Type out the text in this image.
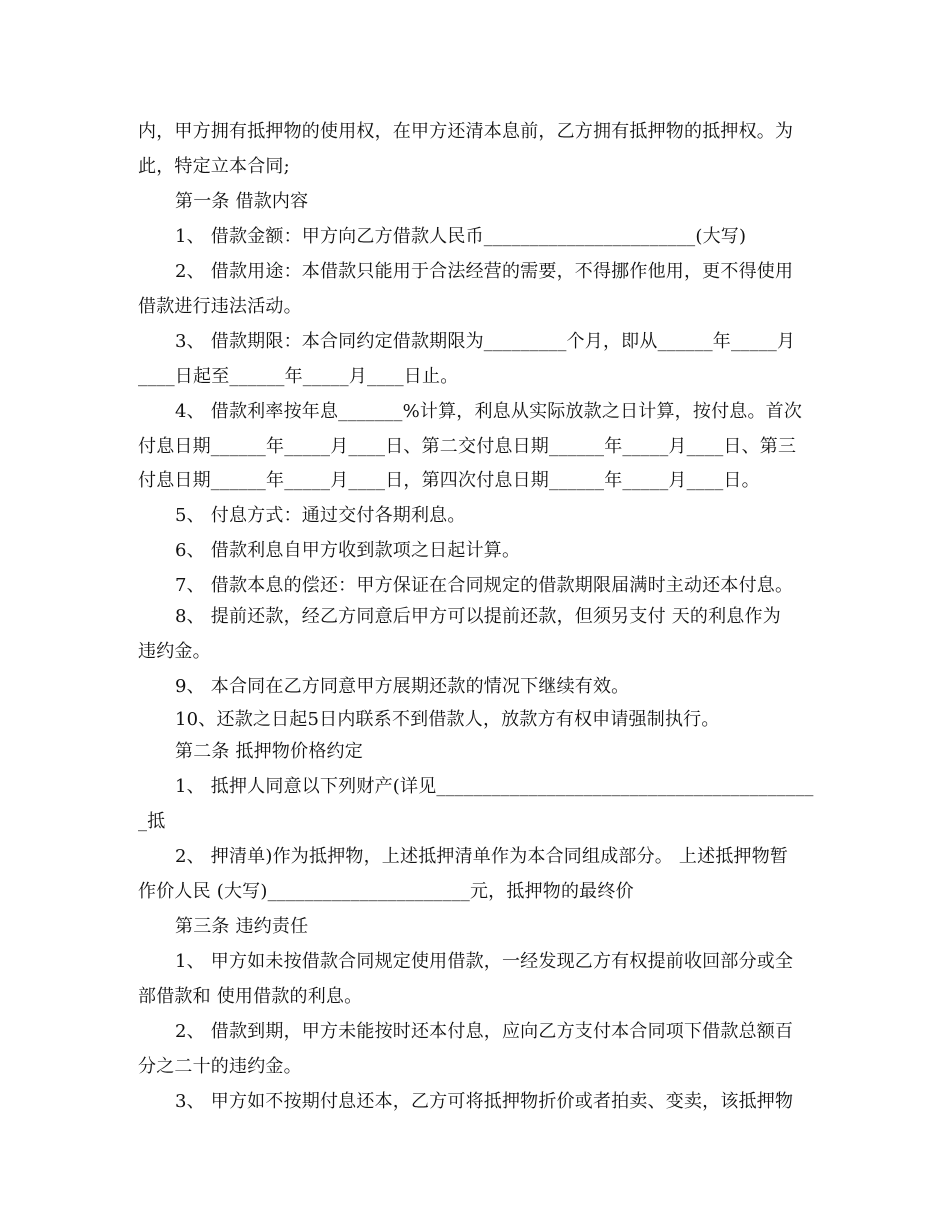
内，甲方拥有抵押物的使用权，在甲方还清本息前，乙方拥有抵押物的抵押权。为
此，特定立本合同;
第一条 借款内容
1、 借款金额：甲方向乙方借款人民币_______________________(大写)
2、 借款用途：本借款只能用于合法经营的需要，不得挪作他用，更不得使用
借款进行违法活动。
3、 借款期限：本合同约定借款期限为_________个月，即从______年_____月
____日起至______年_____月____日止。
4、 借款利率按年息_______%计算，利息从实际放款之日计算，按付息。首次
付息日期______年_____月____日、第二交付息日期______年_____月____日、第三
付息日期______年_____月____日，第四次付息日期______年_____月____日。
5、 付息方式：通过交付各期利息。
6、 借款利息自甲方收到款项之日起计算。
7、 借款本息的偿还：甲方保证在合同规定的借款期限届满时主动还本付息。
8、 提前还款，经乙方同意后甲方可以提前还款，但须另支付 天的利息作为
违约金。
9、 本合同在乙方同意甲方展期还款的情况下继续有效。
10、还款之日起5日内联系不到借款人，放款方有权申请强制执行。
第二条 抵押物价格约定
1、 抵押人同意以下列财产(详见_________________________________________
_抵
2、 押清单)作为抵押物，上述抵押清单作为本合同组成部分。 上述抵押物暂
作价人民 (大写)______________________元，抵押物的最终价
第三条 违约责任
1、 甲方如未按借款合同规定使用借款，一经发现乙方有权提前收回部分或全
部借款和 使用借款的利息。
2、 借款到期，甲方未能按时还本付息，应向乙方支付本合同项下借款总额百
分之二十的违约金。
3、 甲方如不按期付息还本，乙方可将抵押物折价或者拍卖、变卖，该抵押物
